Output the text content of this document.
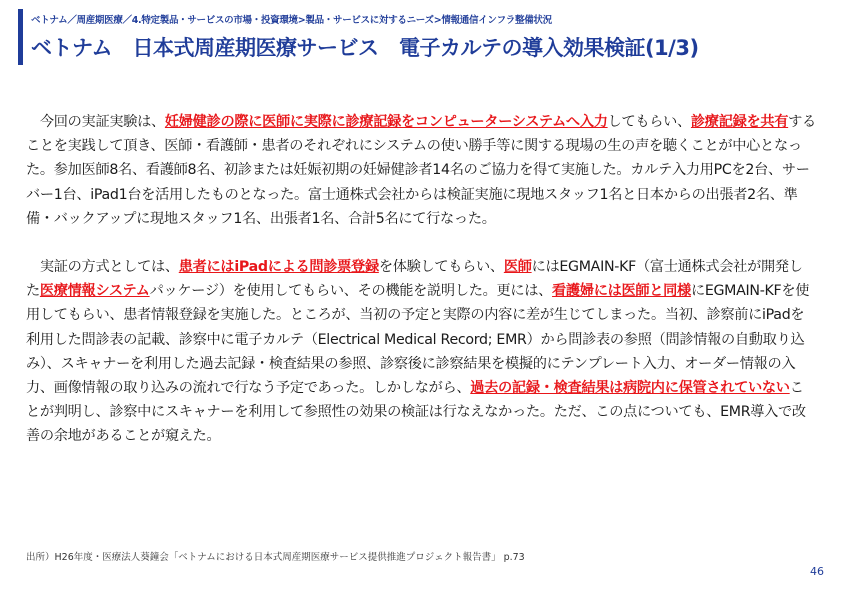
ベトナム／周産期医療／4.特定製品・サービスの市場・投資環境>製品・サービスに対するニーズ>情報通信インフラ整備状況
ベトナム　日本式周産期医療サービス　電子カルテの導入効果検証(1/3)

　今回の実証実験は、妊婦健診の際に医師に実際に診療記録をコンピューターシステムへ入力してもらい、診療記録を共有することを実践して頂き、医師・看護師・患者のそれぞれにシステムの使い勝手等に関する現場の生の声を聴くことが中心となった。参加医師8名、看護師8名、初診または妊娠初期の妊婦健診者14名のご協力を得て実施した。カルテ入力用PCを2台、サーバー1台、iPad1台を活用したものとなった。富士通株式会社からは検証実施に現地スタッフ1名と日本からの出張者2名、準備・バックアップに現地スタッフ1名、出張者1名、合計5名にて行なった。

　実証の方式としては、患者にはiPadによる問診票登録を体験してもらい、医師にはEGMAIN-KF（富士通株式会社が開発した医療情報システムパッケージ）を使用してもらい、その機能を説明した。更には、看護婦には医師と同様にEGMAIN-KFを使用してもらい、患者情報登録を実施した。ところが、当初の予定と実際の内容に差が生じてしまった。当初、診察前にiPadを利用した問診表の記載、診察中に電子カルテ（Electrical Medical Record; EMR）から問診表の参照（問診情報の自動取り込み）、スキャナーを利用した過去記録・検査結果の参照、診察後に診察結果を模擬的にテンプレート入力、オーダー情報の入力、画像情報の取り込みの流れで行なう予定であった。しかしながら、過去の記録・検査結果は病院内に保管されていないことが判明し、診察中にスキャナーを利用して参照性の効果の検証は行なえなかった。ただ、この点についても、EMR導入で改善の余地があることが窺えた。

出所）H26年度・医療法人葵鐘会「ベトナムにおける日本式周産期医療サービス提供推進プロジェクト報告書」 p.73
46
